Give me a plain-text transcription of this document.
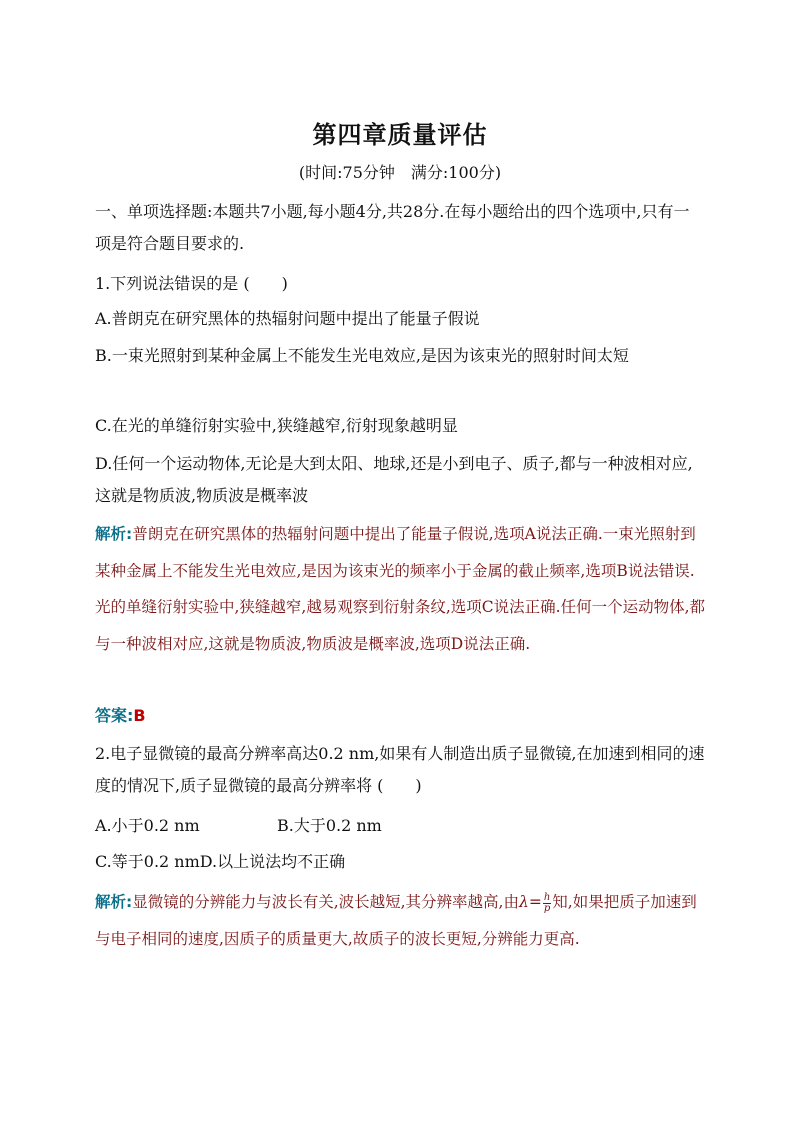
第四章质量评估
(时间:75分钟　满分:100分)
一、单项选择题:本题共7小题,每小题4分,共28分.在每小题给出的四个选项中,只有一项是符合题目要求的.
1.下列说法错误的是 (　　)
A.普朗克在研究黑体的热辐射问题中提出了能量子假说
B.一束光照射到某种金属上不能发生光电效应,是因为该束光的照射时间太短
C.在光的单缝衍射实验中,狭缝越窄,衍射现象越明显
D.任何一个运动物体,无论是大到太阳、地球,还是小到电子、质子,都与一种波相对应,这就是物质波,物质波是概率波
解析:普朗克在研究黑体的热辐射问题中提出了能量子假说,选项A说法正确.一束光照射到某种金属上不能发生光电效应,是因为该束光的频率小于金属的截止频率,选项B说法错误.光的单缝衍射实验中,狭缝越窄,越易观察到衍射条纹,选项C说法正确.任何一个运动物体,都与一种波相对应,这就是物质波,物质波是概率波,选项D说法正确.
答案:B
2.电子显微镜的最高分辨率高达0.2 nm,如果有人制造出质子显微镜,在加速到相同的速度的情况下,质子显微镜的最高分辨率将 (　　)
A.小于0.2 nm	B.大于0.2 nm
C.等于0.2 nmD.以上说法均不正确
解析:显微镜的分辨能力与波长有关,波长越短,其分辨率越高,由$\lambda= \frac{h}{p}$ 知,如果把质子加速到与电子相同的速度,因质子的质量更大,故质子的波长更短,分辨能力更高.
